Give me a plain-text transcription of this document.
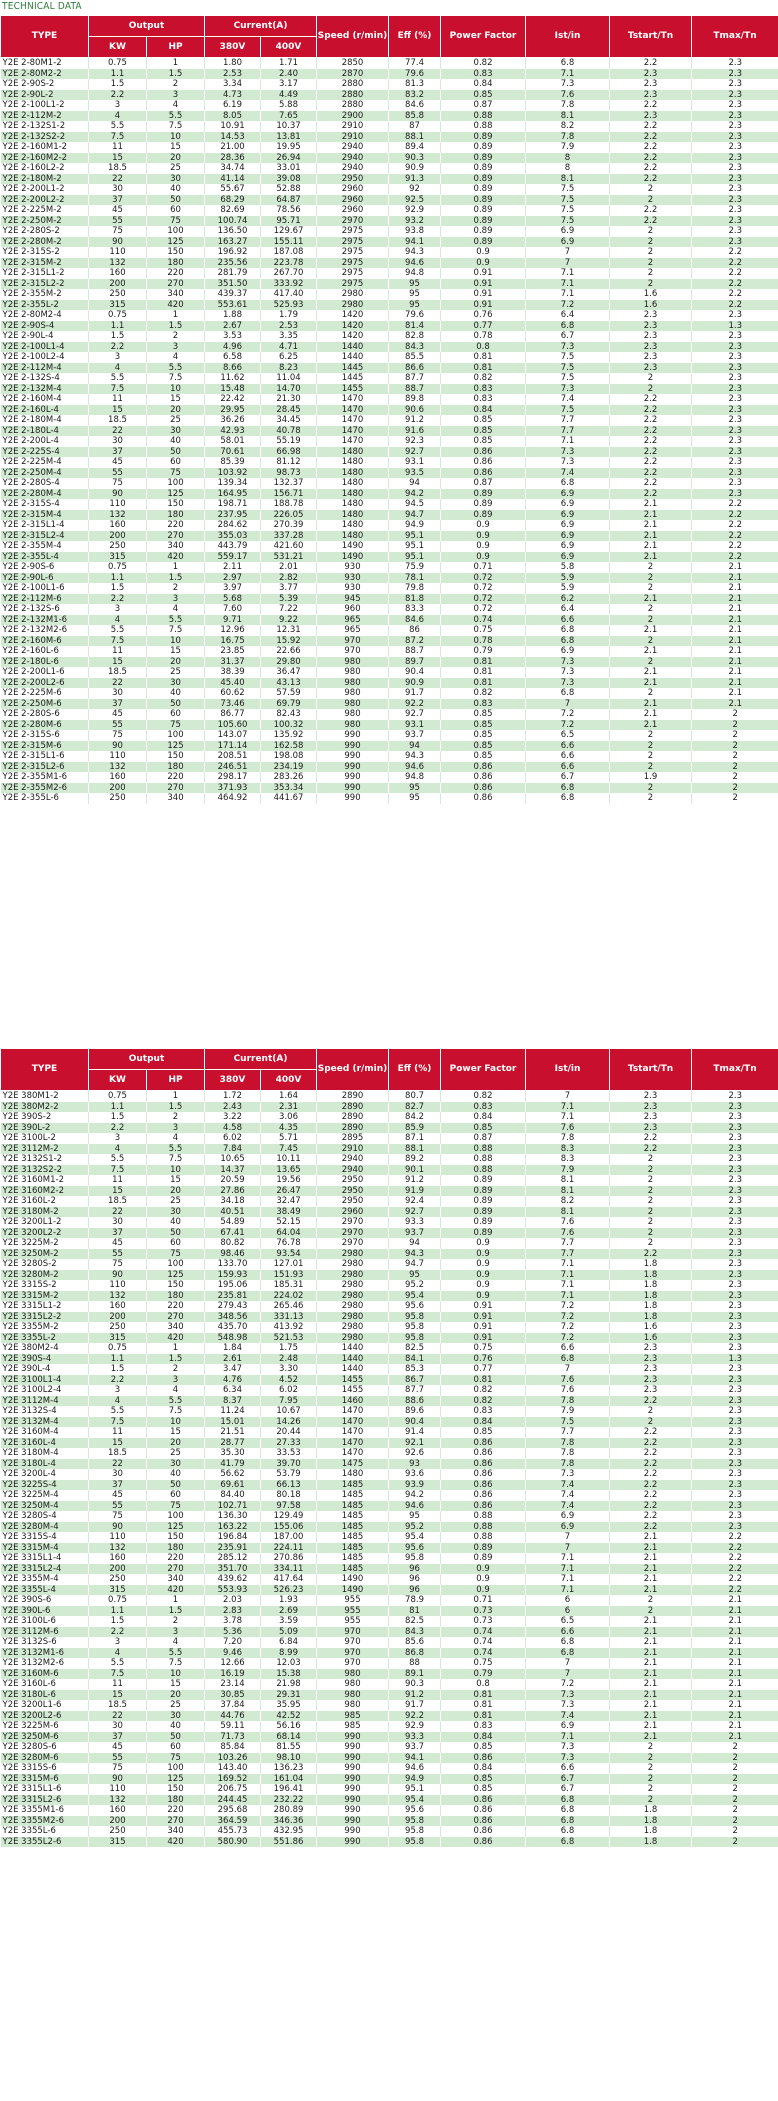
TECHNICAL DATA
TYPE	Output		Current(A)		Speed (r/min)	Eff (%)	Power Factor	Ist/in	Tstart/Tn	Tmax/Tn
	KW	HP	380V	400V						
Y2E 2-80M1-2	0.75	1	1.80	1.71	2850	77.4	0.82	6.8	2.2	2.3
Y2E 2-80M2-2	1.1	1.5	2.53	2.40	2870	79.6	0.83	7.1	2.3	2.3
Y2E 2-90S-2	1.5	2	3.34	3.17	2880	81.3	0.84	7.3	2.3	2.3
Y2E 2-90L-2	2.2	3	4.73	4.49	2880	83.2	0.85	7.6	2.3	2.3
Y2E 2-100L1-2	3	4	6.19	5.88	2880	84.6	0.87	7.8	2.2	2.3
Y2E 2-112M-2	4	5.5	8.05	7.65	2900	85.8	0.88	8.1	2.3	2.3
Y2E 2-132S1-2	5.5	7.5	10.91	10.37	2910	87	0.88	8.2	2.2	2.3
Y2E 2-132S2-2	7.5	10	14.53	13.81	2910	88.1	0.89	7.8	2.2	2.3
Y2E 2-160M1-2	11	15	21.00	19.95	2940	89.4	0.89	7.9	2.2	2.3
Y2E 2-160M2-2	15	20	28.36	26.94	2940	90.3	0.89	8	2.2	2.3
Y2E 2-160L2-2	18.5	25	34.74	33.01	2940	90.9	0.89	8	2.2	2.3
Y2E 2-180M-2	22	30	41.14	39.08	2950	91.3	0.89	8.1	2.2	2.3
Y2E 2-200L1-2	30	40	55.67	52.88	2960	92	0.89	7.5	2	2.3
Y2E 2-200L2-2	37	50	68.29	64.87	2960	92.5	0.89	7.5	2	2.3
Y2E 2-225M-2	45	60	82.69	78.56	2960	92.9	0.89	7.5	2.2	2.3
Y2E 2-250M-2	55	75	100.74	95.71	2970	93.2	0.89	7.5	2.2	2.3
Y2E 2-280S-2	75	100	136.50	129.67	2975	93.8	0.89	6.9	2	2.3
Y2E 2-280M-2	90	125	163.27	155.11	2975	94.1	0.89	6.9	2	2.3
Y2E 2-315S-2	110	150	196.92	187.08	2975	94.3	0.9	7	2	2.2
Y2E 2-315M-2	132	180	235.56	223.78	2975	94.6	0.9	7	2	2.2
Y2E 2-315L1-2	160	220	281.79	267.70	2975	94.8	0.91	7.1	2	2.2
Y2E 2-315L2-2	200	270	351.50	333.92	2975	95	0.91	7.1	2	2.2
Y2E 2-355M-2	250	340	439.37	417.40	2980	95	0.91	7.1	1.6	2.2
Y2E 2-355L-2	315	420	553.61	525.93	2980	95	0.91	7.2	1.6	2.2
Y2E 2-80M2-4	0.75	1	1.88	1.79	1420	79.6	0.76	6.4	2.3	2.3
Y2E 2-90S-4	1.1	1.5	2.67	2.53	1420	81.4	0.77	6.8	2.3	1.3
Y2E 2-90L-4	1.5	2	3.53	3.35	1420	82.8	0.78	6.7	2.3	2.3
Y2E 2-100L1-4	2.2	3	4.96	4.71	1440	84.3	0.8	7.3	2.3	2.3
Y2E 2-100L2-4	3	4	6.58	6.25	1440	85.5	0.81	7.5	2.3	2.3
Y2E 2-112M-4	4	5.5	8.66	8.23	1445	86.6	0.81	7.5	2.3	2.3
Y2E 2-132S-4	5.5	7.5	11.62	11.04	1445	87.7	0.82	7.5	2	2.3
Y2E 2-132M-4	7.5	10	15.48	14.70	1455	88.7	0.83	7.3	2	2.3
Y2E 2-160M-4	11	15	22.42	21.30	1470	89.8	0.83	7.4	2.2	2.3
Y2E 2-160L-4	15	20	29.95	28.45	1470	90.6	0.84	7.5	2.2	2.3
Y2E 2-180M-4	18.5	25	36.26	34.45	1470	91.2	0.85	7.7	2.2	2.3
Y2E 2-180L-4	22	30	42.93	40.78	1470	91.6	0.85	7.7	2.2	2.3
Y2E 2-200L-4	30	40	58.01	55.19	1470	92.3	0.85	7.1	2.2	2.3
Y2E 2-225S-4	37	50	70.61	66.98	1480	92.7	0.86	7.3	2.2	2.3
Y2E 2-225M-4	45	60	85.39	81.12	1480	93.1	0.86	7.3	2.2	2.3
Y2E 2-250M-4	55	75	103.92	98.73	1480	93.5	0.86	7.4	2.2	2.3
Y2E 2-280S-4	75	100	139.34	132.37	1480	94	0.87	6.8	2.2	2.3
Y2E 2-280M-4	90	125	164.95	156.71	1480	94.2	0.89	6.9	2.2	2.3
Y2E 2-315S-4	110	150	198.71	188.78	1480	94.5	0.89	6.9	2.1	2.2
Y2E 2-315M-4	132	180	237.95	226.05	1480	94.7	0.89	6.9	2.1	2.2
Y2E 2-315L1-4	160	220	284.62	270.39	1480	94.9	0.9	6.9	2.1	2.2
Y2E 2-315L2-4	200	270	355.03	337.28	1480	95.1	0.9	6.9	2.1	2.2
Y2E 2-355M-4	250	340	443.79	421.60	1490	95.1	0.9	6.9	2.1	2.2
Y2E 2-355L-4	315	420	559.17	531.21	1490	95.1	0.9	6.9	2.1	2.2
Y2E 2-90S-6	0.75	1	2.11	2.01	930	75.9	0.71	5.8	2	2.1
Y2E 2-90L-6	1.1	1.5	2.97	2.82	930	78.1	0.72	5.9	2	2.1
Y2E 2-100L1-6	1.5	2	3.97	3.77	930	79.8	0.72	5.9	2	2.1
Y2E 2-112M-6	2.2	3	5.68	5.39	945	81.8	0.72	6.2	2.1	2.1
Y2E 2-132S-6	3	4	7.60	7.22	960	83.3	0.72	6.4	2	2.1
Y2E 2-132M1-6	4	5.5	9.71	9.22	965	84.6	0.74	6.6	2	2.1
Y2E 2-132M2-6	5.5	7.5	12.96	12.31	965	86	0.75	6.8	2.1	2.1
Y2E 2-160M-6	7.5	10	16.75	15.92	970	87.2	0.78	6.8	2	2.1
Y2E 2-160L-6	11	15	23.85	22.66	970	88.7	0.79	6.9	2.1	2.1
Y2E 2-180L-6	15	20	31.37	29.80	980	89.7	0.81	7.3	2	2.1
Y2E 2-200L1-6	18.5	25	38.39	36.47	980	90.4	0.81	7.3	2.1	2.1
Y2E 2-200L2-6	22	30	45.40	43.13	980	90.9	0.81	7.3	2.1	2.1
Y2E 2-225M-6	30	40	60.62	57.59	980	91.7	0.82	6.8	2	2.1
Y2E 2-250M-6	37	50	73.46	69.79	980	92.2	0.83	7	2.1	2.1
Y2E 2-280S-6	45	60	86.77	82.43	980	92.7	0.85	7.2	2.1	2
Y2E 2-280M-6	55	75	105.60	100.32	980	93.1	0.85	7.2	2.1	2
Y2E 2-315S-6	75	100	143.07	135.92	990	93.7	0.85	6.5	2	2
Y2E 2-315M-6	90	125	171.14	162.58	990	94	0.85	6.6	2	2
Y2E 2-315L1-6	110	150	208.51	198.08	990	94.3	0.85	6.6	2	2
Y2E 2-315L2-6	132	180	246.51	234.19	990	94.6	0.86	6.6	2	2
Y2E 2-355M1-6	160	220	298.17	283.26	990	94.8	0.86	6.7	1.9	2
Y2E 2-355M2-6	200	270	371.93	353.34	990	95	0.86	6.8	2	2
Y2E 2-355L-6	250	340	464.92	441.67	990	95	0.86	6.8	2	2
TYPE	Output		Current(A)		Speed (r/min)	Eff (%)	Power Factor	Ist/in	Tstart/Tn	Tmax/Tn
	KW	HP	380V	400V						
Y2E 380M1-2	0.75	1	1.72	1.64	2890	80.7	0.82	7	2.3	2.3
Y2E 380M2-2	1.1	1.5	2.43	2.31	2890	82.7	0.83	7.1	2.3	2.3
Y2E 390S-2	1.5	2	3.22	3.06	2890	84.2	0.84	7.1	2.3	2.3
Y2E 390L-2	2.2	3	4.58	4.35	2890	85.9	0.85	7.6	2.3	2.3
Y2E 3100L-2	3	4	6.02	5.71	2895	87.1	0.87	7.8	2.2	2.3
Y2E 3112M-2	4	5.5	7.84	7.45	2910	88.1	0.88	8.3	2.2	2.3
Y2E 3132S1-2	5.5	7.5	10.65	10.11	2940	89.2	0.88	8.3	2	2.3
Y2E 3132S2-2	7.5	10	14.37	13.65	2940	90.1	0.88	7.9	2	2.3
Y2E 3160M1-2	11	15	20.59	19.56	2950	91.2	0.89	8.1	2	2.3
Y2E 3160M2-2	15	20	27.86	26.47	2950	91.9	0.89	8.1	2	2.3
Y2E 3160L-2	18.5	25	34.18	32.47	2950	92.4	0.89	8.2	2	2.3
Y2E 3180M-2	22	30	40.51	38.49	2960	92.7	0.89	8.1	2	2.3
Y2E 3200L1-2	30	40	54.89	52.15	2970	93.3	0.89	7.6	2	2.3
Y2E 3200L2-2	37	50	67.41	64.04	2970	93.7	0.89	7.6	2	2.3
Y2E 3225M-2	45	60	80.82	76.78	2970	94	0.9	7.7	2	2.3
Y2E 3250M-2	55	75	98.46	93.54	2980	94.3	0.9	7.7	2.2	2.3
Y2E 3280S-2	75	100	133.70	127.01	2980	94.7	0.9	7.1	1.8	2.3
Y2E 3280M-2	90	125	159.93	151.93	2980	95	0.9	7.1	1.8	2.3
Y2E 3315S-2	110	150	195.06	185.31	2980	95.2	0.9	7.1	1.8	2.3
Y2E 3315M-2	132	180	235.81	224.02	2980	95.4	0.9	7.1	1.8	2.3
Y2E 3315L1-2	160	220	279.43	265.46	2980	95.6	0.91	7.2	1.8	2.3
Y2E 3315L2-2	200	270	348.56	331.13	2980	95.8	0.91	7.2	1.8	2.3
Y2E 3355M-2	250	340	435.70	413.92	2980	95.8	0.91	7.2	1.6	2.3
Y2E 3355L-2	315	420	548.98	521.53	2980	95.8	0.91	7.2	1.6	2.3
Y2E 380M2-4	0.75	1	1.84	1.75	1440	82.5	0.75	6.6	2.3	2.3
Y2E 390S-4	1.1	1.5	2.61	2.48	1440	84.1	0.76	6.8	2.3	1.3
Y2E 390L-4	1.5	2	3.47	3.30	1440	85.3	0.77	7	2.3	2.3
Y2E 3100L1-4	2.2	3	4.76	4.52	1455	86.7	0.81	7.6	2.3	2.3
Y2E 3100L2-4	3	4	6.34	6.02	1455	87.7	0.82	7.6	2.3	2.3
Y2E 3112M-4	4	5.5	8.37	7.95	1460	88.6	0.82	7.8	2.2	2.3
Y2E 3132S-4	5.5	7.5	11.24	10.67	1470	89.6	0.83	7.9	2	2.3
Y2E 3132M-4	7.5	10	15.01	14.26	1470	90.4	0.84	7.5	2	2.3
Y2E 3160M-4	11	15	21.51	20.44	1470	91.4	0.85	7.7	2.2	2.3
Y2E 3160L-4	15	20	28.77	27.33	1470	92.1	0.86	7.8	2.2	2.3
Y2E 3180M-4	18.5	25	35.30	33.53	1470	92.6	0.86	7.8	2.2	2.3
Y2E 3180L-4	22	30	41.79	39.70	1475	93	0.86	7.8	2.2	2.3
Y2E 3200L-4	30	40	56.62	53.79	1480	93.6	0.86	7.3	2.2	2.3
Y2E 3225S-4	37	50	69.61	66.13	1485	93.9	0.86	7.4	2.2	2.3
Y2E 3225M-4	45	60	84.40	80.18	1485	94.2	0.86	7.4	2.2	2.3
Y2E 3250M-4	55	75	102.71	97.58	1485	94.6	0.86	7.4	2.2	2.3
Y2E 3280S-4	75	100	136.30	129.49	1485	95	0.88	6.9	2.2	2.3
Y2E 3280M-4	90	125	163.22	155.06	1485	95.2	0.88	6.9	2.2	2.3
Y2E 3315S-4	110	150	196.84	187.00	1485	95.4	0.88	7	2.1	2.2
Y2E 3315M-4	132	180	235.91	224.11	1485	95.6	0.89	7	2.1	2.2
Y2E 3315L1-4	160	220	285.12	270.86	1485	95.8	0.89	7.1	2.1	2.2
Y2E 3315L2-4	200	270	351.70	334.11	1485	96	0.9	7.1	2.1	2.2
Y2E 3355M-4	250	340	439.62	417.64	1490	96	0.9	7.1	2.1	2.2
Y2E 3355L-4	315	420	553.93	526.23	1490	96	0.9	7.1	2.1	2.2
Y2E 390S-6	0.75	1	2.03	1.93	955	78.9	0.71	6	2	2.1
Y2E 390L-6	1.1	1.5	2.83	2.69	955	81	0.73	6	2	2.1
Y2E 3100L-6	1.5	2	3.78	3.59	955	82.5	0.73	6.5	2.1	2.1
Y2E 3112M-6	2.2	3	5.36	5.09	970	84.3	0.74	6.6	2.1	2.1
Y2E 3132S-6	3	4	7.20	6.84	970	85.6	0.74	6.8	2.1	2.1
Y2E 3132M1-6	4	5.5	9.46	8.99	970	86.8	0.74	6.8	2.1	2.1
Y2E 3132M2-6	5.5	7.5	12.66	12.03	970	88	0.75	7	2.1	2.1
Y2E 3160M-6	7.5	10	16.19	15.38	980	89.1	0.79	7	2.1	2.1
Y2E 3160L-6	11	15	23.14	21.98	980	90.3	0.8	7.2	2.1	2.1
Y2E 3180L-6	15	20	30.85	29.31	980	91.2	0.81	7.3	2.1	2.1
Y2E 3200L1-6	18.5	25	37.84	35.95	980	91.7	0.81	7.3	2.1	2.1
Y2E 3200L2-6	22	30	44.76	42.52	985	92.2	0.81	7.4	2.1	2.1
Y2E 3225M-6	30	40	59.11	56.16	985	92.9	0.83	6.9	2.1	2.1
Y2E 3250M-6	37	50	71.73	68.14	990	93.3	0.84	7.1	2.1	2.1
Y2E 3280S-6	45	60	85.84	81.55	990	93.7	0.85	7.3	2	2
Y2E 3280M-6	55	75	103.26	98.10	990	94.1	0.86	7.3	2	2
Y2E 3315S-6	75	100	143.40	136.23	990	94.6	0.84	6.6	2	2
Y2E 3315M-6	90	125	169.52	161.04	990	94.9	0.85	6.7	2	2
Y2E 3315L1-6	110	150	206.75	196.41	990	95.1	0.85	6.7	2	2
Y2E 3315L2-6	132	180	244.45	232.22	990	95.4	0.86	6.8	2	2
Y2E 3355M1-6	160	220	295.68	280.89	990	95.6	0.86	6.8	1.8	2
Y2E 3355M2-6	200	270	364.59	346.36	990	95.8	0.86	6.8	1.8	2
Y2E 3355L-6	250	340	455.73	432.95	990	95.8	0.86	6.8	1.8	2
Y2E 3355L2-6	315	420	580.90	551.86	990	95.8	0.86	6.8	1.8	2
